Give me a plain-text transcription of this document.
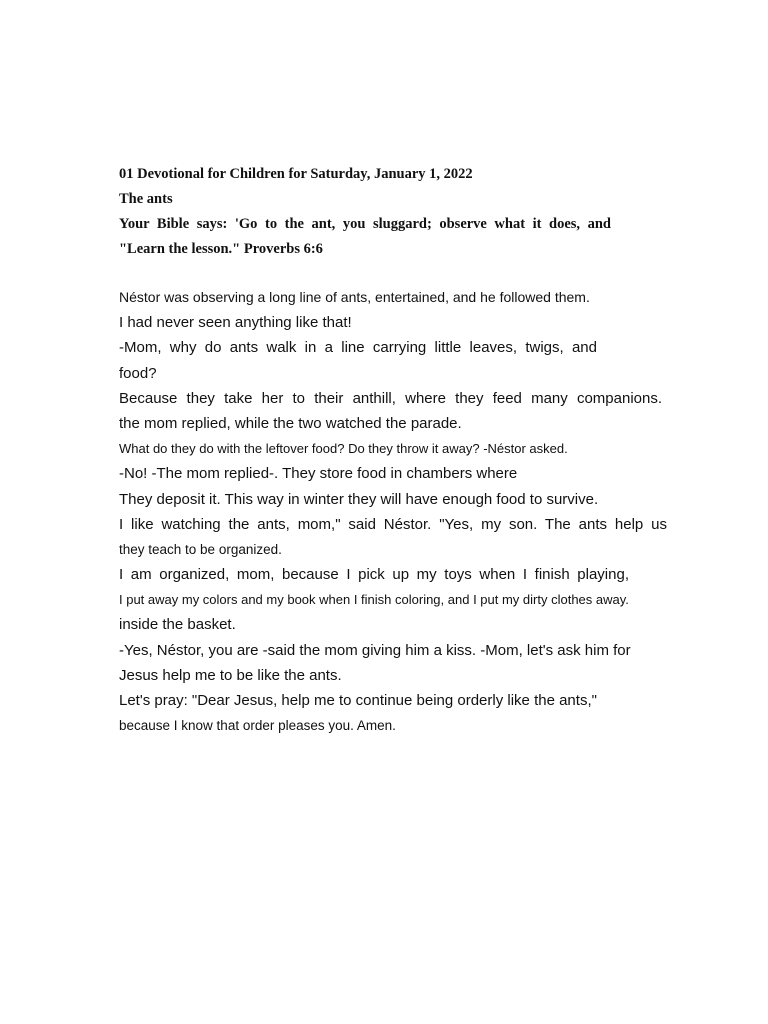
01 Devotional for Children for Saturday, January 1, 2022
The ants
Your Bible says: 'Go to the ant, you sluggard; observe what it does, and
"Learn the lesson." Proverbs 6:6
Néstor was observing a long line of ants, entertained, and he followed them.
I had never seen anything like that!
-Mom, why do ants walk in a line carrying little leaves, twigs, and
food?
Because they take her to their anthill, where they feed many companions.
the mom replied, while the two watched the parade.
What do they do with the leftover food? Do they throw it away? -Néstor asked.
-No! -The mom replied-. They store food in chambers where
They deposit it. This way in winter they will have enough food to survive.
I like watching the ants, mom," said Néstor. "Yes, my son. The ants help us
they teach to be organized.
I am organized, mom, because I pick up my toys when I finish playing,
I put away my colors and my book when I finish coloring, and I put my dirty clothes away.
inside the basket.
-Yes, Néstor, you are -said the mom giving him a kiss. -Mom, let's ask him for
Jesus help me to be like the ants.
Let's pray: "Dear Jesus, help me to continue being orderly like the ants,"
because I know that order pleases you. Amen.
